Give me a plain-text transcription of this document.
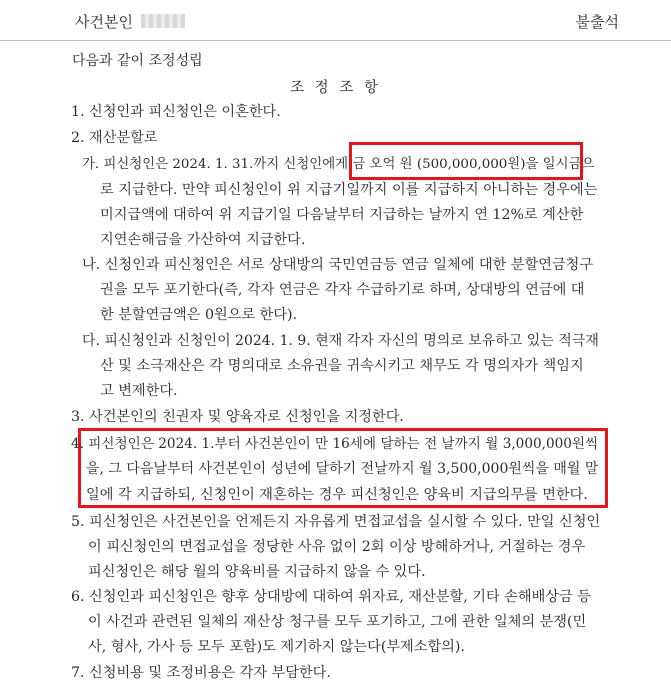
사건본인	불출석
다음과 같이 조정성립
조 정 조 항
1. 신청인과 피신청인은 이혼한다.
2. 재산분할로
가. 피신청인은 2024. 1. 31.까지 신청인에게 금 오억 원 (500,000,000원)을 일시금으
로 지급한다. 만약 피신청인이 위 지급기일까지 이를 지급하지 아니하는 경우에는
미지급액에 대하여 위 지급기일 다음날부터 지급하는 날까지 연 12%로 계산한
지연손해금을 가산하여 지급한다.
나. 신청인과 피신청인은 서로 상대방의 국민연금등 연금 일체에 대한 분할연금청구
권을 모두 포기한다(즉, 각자 연금은 각자 수급하기로 하며, 상대방의 연금에 대
한 분할연금액은 0원으로 한다).
다. 피신청인과 신청인이 2024. 1. 9. 현재 각자 자신의 명의로 보유하고 있는 적극재
산 및 소극재산은 각 명의대로 소유권을 귀속시키고 채무도 각 명의자가 책임지
고 변제한다.
3. 사건본인의 친권자 및 양육자로 신청인을 지정한다.
4. 피신청인은 2024. 1.부터 사건본인이 만 16세에 달하는 전 날까지 월 3,000,000원씩
을, 그 다음날부터 사건본인이 성년에 달하기 전날까지 월 3,500,000원씩을 매월 말
일에 각 지급하되, 신청인이 재혼하는 경우 피신청인은 양육비 지급의무를 면한다.
5. 피신청인은 사건본인을 언제든지 자유롭게 면접교섭을 실시할 수 있다. 만일 신청인
이 피신청인의 면접교섭을 정당한 사유 없이 2회 이상 방해하거나, 거절하는 경우
피신청인은 해당 월의 양육비를 지급하지 않을 수 있다.
6. 신청인과 피신청인은 향후 상대방에 대하여 위자료, 재산분할, 기타 손해배상금 등
이 사건과 관련된 일체의 재산상 청구를 모두 포기하고, 그에 관한 일체의 분쟁(민
사, 형사, 가사 등 모두 포함)도 제기하지 않는다(부제소합의).
7. 신청비용 및 조정비용은 각자 부담한다.
